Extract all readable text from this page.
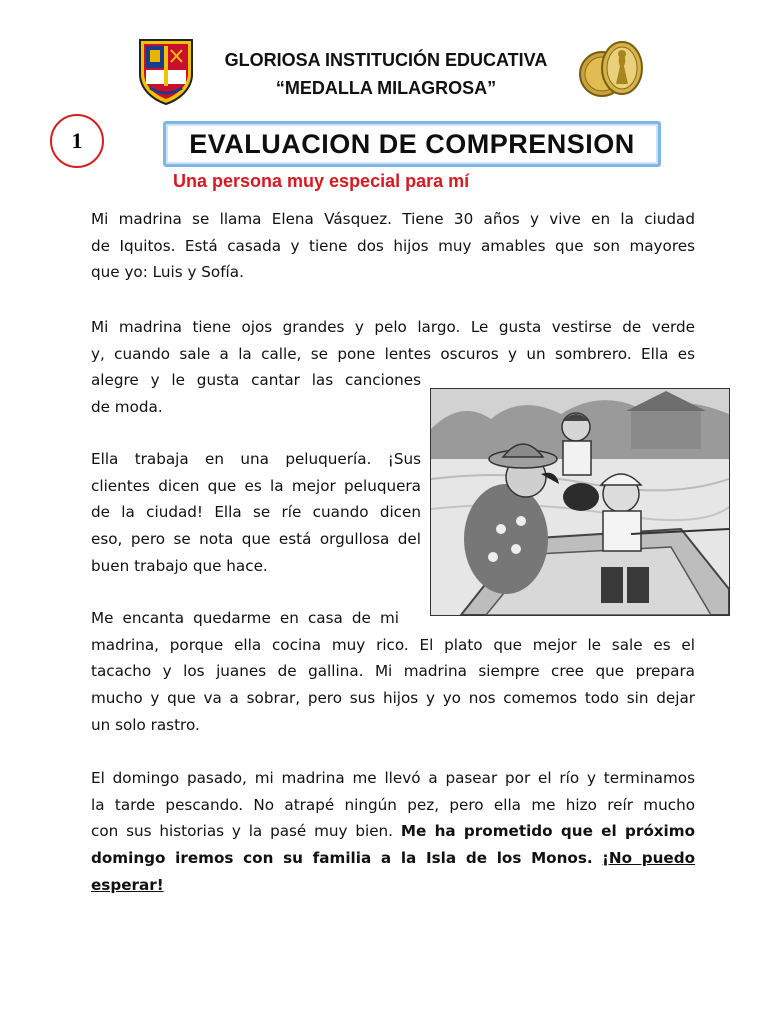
GLORIOSA INSTITUCIÓN EDUCATIVA
“MEDALLA MILAGROSA”
1	EVALUACION DE COMPRENSION
Una persona muy especial para mí
Mi madrina se llama Elena Vásquez. Tiene 30 años y vive en la ciudad
de Iquitos. Está casada y tiene dos hijos muy amables que son mayores
que yo: Luis y Sofía.
Mi madrina tiene ojos grandes y pelo largo. Le gusta vestirse de verde
y, cuando sale a la calle, se pone lentes oscuros y un sombrero. Ella es
alegre y le gusta cantar las canciones
de moda.
Ella trabaja en una peluquería. ¡Sus
clientes dicen que es la mejor peluquera
de la ciudad! Ella se ríe cuando dicen
eso, pero se nota que está orgullosa del
buen trabajo que hace.
Me encanta quedarme en casa de mi
madrina, porque ella cocina muy rico. El plato que mejor le sale es el
tacacho y los juanes de gallina. Mi madrina siempre cree que prepara
mucho y que va a sobrar, pero sus hijos y yo nos comemos todo sin dejar
un solo rastro.
El domingo pasado, mi madrina me llevó a pasear por el río y terminamos
la tarde pescando. No atrapé ningún pez, pero ella me hizo reír mucho
con sus historias y la pasé muy bien. Me ha prometido que el próximo
domingo iremos con su familia a la Isla de los Monos. ¡No puedo
esperar!
